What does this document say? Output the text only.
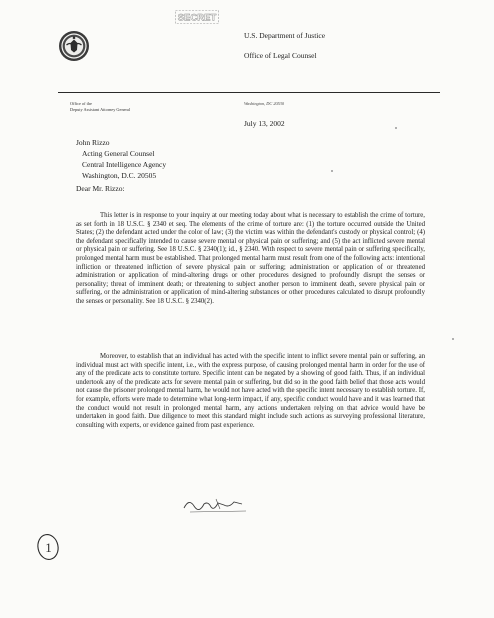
SECRET
U.S. Department of Justice
Office of Legal Counsel
Office of the
Deputy Assistant Attorney General
Washington, DC 20530
July 13, 2002
John Rizzo
Acting General Counsel
Central Intelligence Agency
Washington, D.C. 20505
Dear Mr. Rizzo:
This letter is in response to your inquiry at our meeting today about what is necessary to establish the crime of torture, as set forth in 18 U.S.C. § 2340 et seq. The elements of the crime of torture are: (1) the torture occurred outside the United States; (2) the defendant acted under the color of law; (3) the victim was within the defendant's custody or physical control; (4) the defendant specifically intended to cause severe mental or physical pain or suffering; and (5) the act inflicted severe mental or physical pain or suffering. See 18 U.S.C. § 2340(1); id., § 2340. With respect to severe mental pain or suffering specifically, prolonged mental harm must be established. That prolonged mental harm must result from one of the following acts: intentional infliction or threatened infliction of severe physical pain or suffering; administration or application of or threatened administration or application of mind-altering drugs or other procedures designed to profoundly disrupt the senses or personality; threat of imminent death; or threatening to subject another person to imminent death, severe physical pain or suffering, or the administration or application of mind-altering substances or other procedures calculated to disrupt profoundly the senses or personality. See 18 U.S.C. § 2340(2).
Moreover, to establish that an individual has acted with the specific intent to inflict severe mental pain or suffering, an individual must act with specific intent, i.e., with the express purpose, of causing prolonged mental harm in order for the use of any of the predicate acts to constitute torture. Specific intent can be negated by a showing of good faith. Thus, if an individual undertook any of the predicate acts for severe mental pain or suffering, but did so in the good faith belief that those acts would not cause the prisoner prolonged mental harm, he would not have acted with the specific intent necessary to establish torture. If, for example, efforts were made to determine what long-term impact, if any, specific conduct would have and it was learned that the conduct would not result in prolonged mental harm, any actions undertaken relying on that advice would have be undertaken in good faith. Due diligence to meet this standard might include such actions as surveying professional literature, consulting with experts, or evidence gained from past experience.
1
